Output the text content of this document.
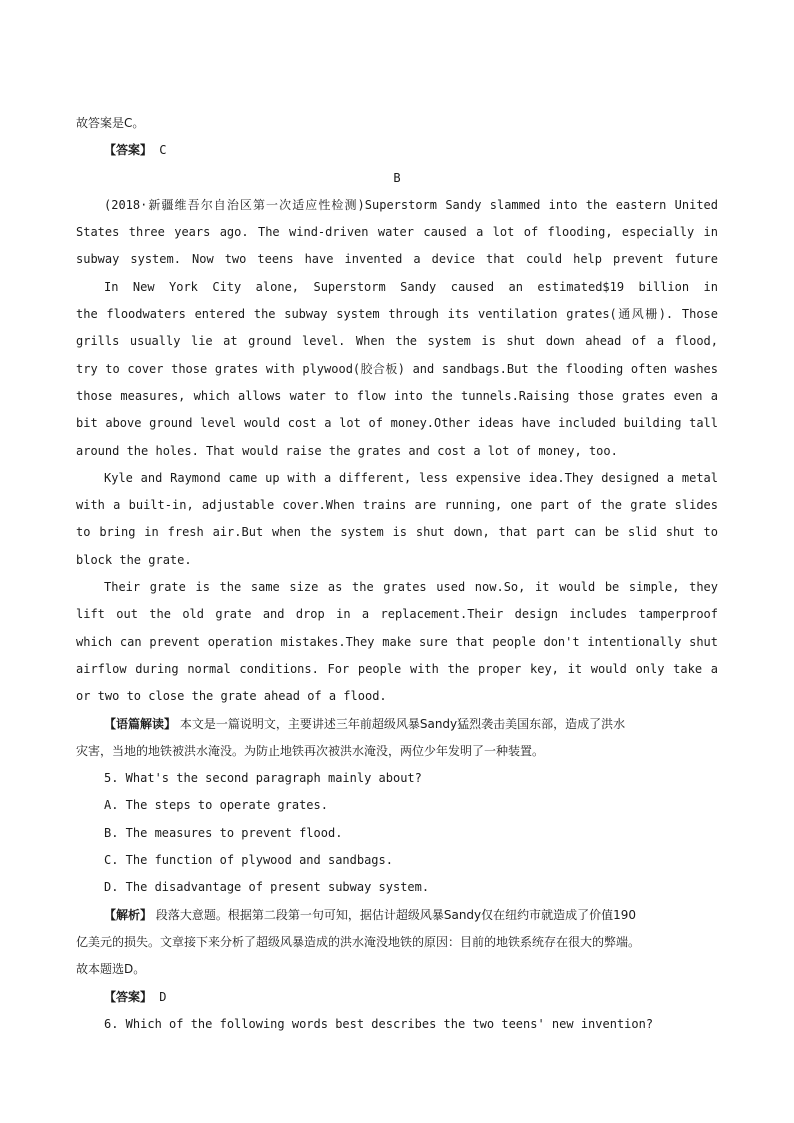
故答案是C。
【答案】 C
B
(2018·新疆维吾尔自治区第一次适应性检测)Superstorm Sandy slammed into the eastern United
States three years ago. The wind-driven water caused a lot of flooding, especially in
subway system. Now two teens have invented a device that could help prevent future
In New York City alone, Superstorm Sandy caused an estimated$19 billion in
the floodwaters entered the subway system through its ventilation grates(通风栅). Those
grills usually lie at ground level. When the system is shut down ahead of a flood,
try to cover those grates with plywood(胶合板) and sandbags.But the flooding often washes
those measures, which allows water to flow into the tunnels.Raising those grates even a
bit above ground level would cost a lot of money.Other ideas have included building tall
around the holes. That would raise the grates and cost a lot of money, too.
Kyle and Raymond came up with a different, less expensive idea.They designed a metal
with a built-in, adjustable cover.When trains are running, one part of the grate slides
to bring in fresh air.But when the system is shut down, that part can be slid shut to
block the grate.
Their grate is the same size as the grates used now.So, it would be simple, they
lift out the old grate and drop in a replacement.Their design includes tamperproof
which can prevent operation mistakes.They make sure that people don't intentionally shut
airflow during normal conditions. For people with the proper key, it would only take a
or two to close the grate ahead of a flood.
【语篇解读】 本文是一篇说明文，主要讲述三年前超级风暴Sandy猛烈袭击美国东部，造成了洪水
灾害，当地的地铁被洪水淹没。为防止地铁再次被洪水淹没，两位少年发明了一种装置。
5. What's the second paragraph mainly about?
A. The steps to operate grates.
B. The measures to prevent flood.
C. The function of plywood and sandbags.
D. The disadvantage of present subway system.
【解析】 段落大意题。根据第二段第一句可知，据估计超级风暴Sandy仅在纽约市就造成了价值190
亿美元的损失。文章接下来分析了超级风暴造成的洪水淹没地铁的原因：目前的地铁系统存在很大的弊端。
故本题选D。
【答案】 D
6. Which of the following words best describes the two teens' new invention?
